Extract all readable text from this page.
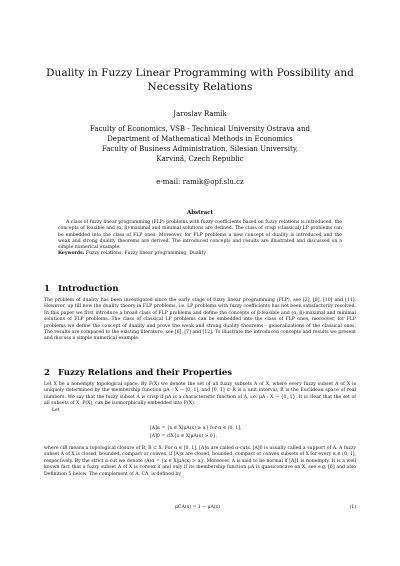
Duality in Fuzzy Linear Programming with Possibility and
Necessity Relations
Jaroslav Ramík
Faculty of Economics, VSB - Technical University Ostrava and
Department of Mathematical Methods in Economics
Faculty of Business Administration, Silesian University,
Karviná, Czech Republic
e-mail: ramik@opf.slu.cz
Abstract

A class of fuzzy linear programming (FLP) problems with fuzzy coefficients based on fuzzy relations is introduced, the concepts of feasible and (α, β)-maximal and minimal solutions are defined. The class of crisp (classical) LP problems can be embedded into the class of FLP ones. Moreover, for FLP problems a new concept of duality is introduced and the weak and strong duality theorems are derived. The introduced concepts and results are illustrated and discussed on a simple numerical example.

Keywords: Fuzzy relations, Fuzzy linear programming, Duality

1 Introduction

The problem of duality has been investigated since the early stage of fuzzy linear programming (FLP), see [3], [8], [10] and [11]. However, up till now the duality theory in FLP problems, i.e. LP problems with fuzzy coefficients has not been satisfactorily resolved. In this paper we first introduce a broad class of FLP problems and define the concepts of β-feasible and (α, β)-maximal and minimal solutions of FLP problems. The class of classical LP problems can be embedded into the class of FLP ones, moreover, for FLP problems we define the concept of duality and prove the weak and strong duality theorems - generalizations of the classical ones. The results are compared to the existing literature, see [6], [7] and [12]. To illustrate the introduced concepts and results we present and discuss a simple numerical example.

2 Fuzzy Relations and their Properties

Let X be a nonempty topological space. By F(X) we denote the set of all fuzzy subsets A of X, where every fuzzy subset A of X is uniquely determined by the membership function μA : X → [0, 1], and [0, 1] ⊂ R is a unit interval, R is the Euclidean space of real numbers. We say that the fuzzy subset A is crisp if μA is a characteristic function of A, i.e. μA : X → {0, 1}. It is clear that the set of all subsets of X, P(X), can be isomorphically embedded into F(X).

Let

[A]α = {x ∈ X|μA(x) ≥ α} for α ∈ (0, 1],
[A]0 = clX{x ∈ X|μA(x) > 0},

where clB means a topological closure of B, B ⊂ X. For α ∈ [0, 1], [A]α are called α-cuts. [A]0 is usually called a support of A. A fuzzy subset A of X is closed, bounded, compact or convex, if [A]α are closed, bounded, compact or convex subsets of X for every α ∈ (0, 1], respectively. By the strict α-cut we denote (A)α = {x ∈ X|μA(x) > α}. Moreover, A is said to be normal if [A]1 is nonempty. It is a well known fact that a fuzzy subset A of X is convex if and only if its membership function μA is quasiconcave on X, see e.g. [6] and also Definition 5 below. The complement of A, CA, is defined by

μCA(x) = 1 − μA(x)	(1)
